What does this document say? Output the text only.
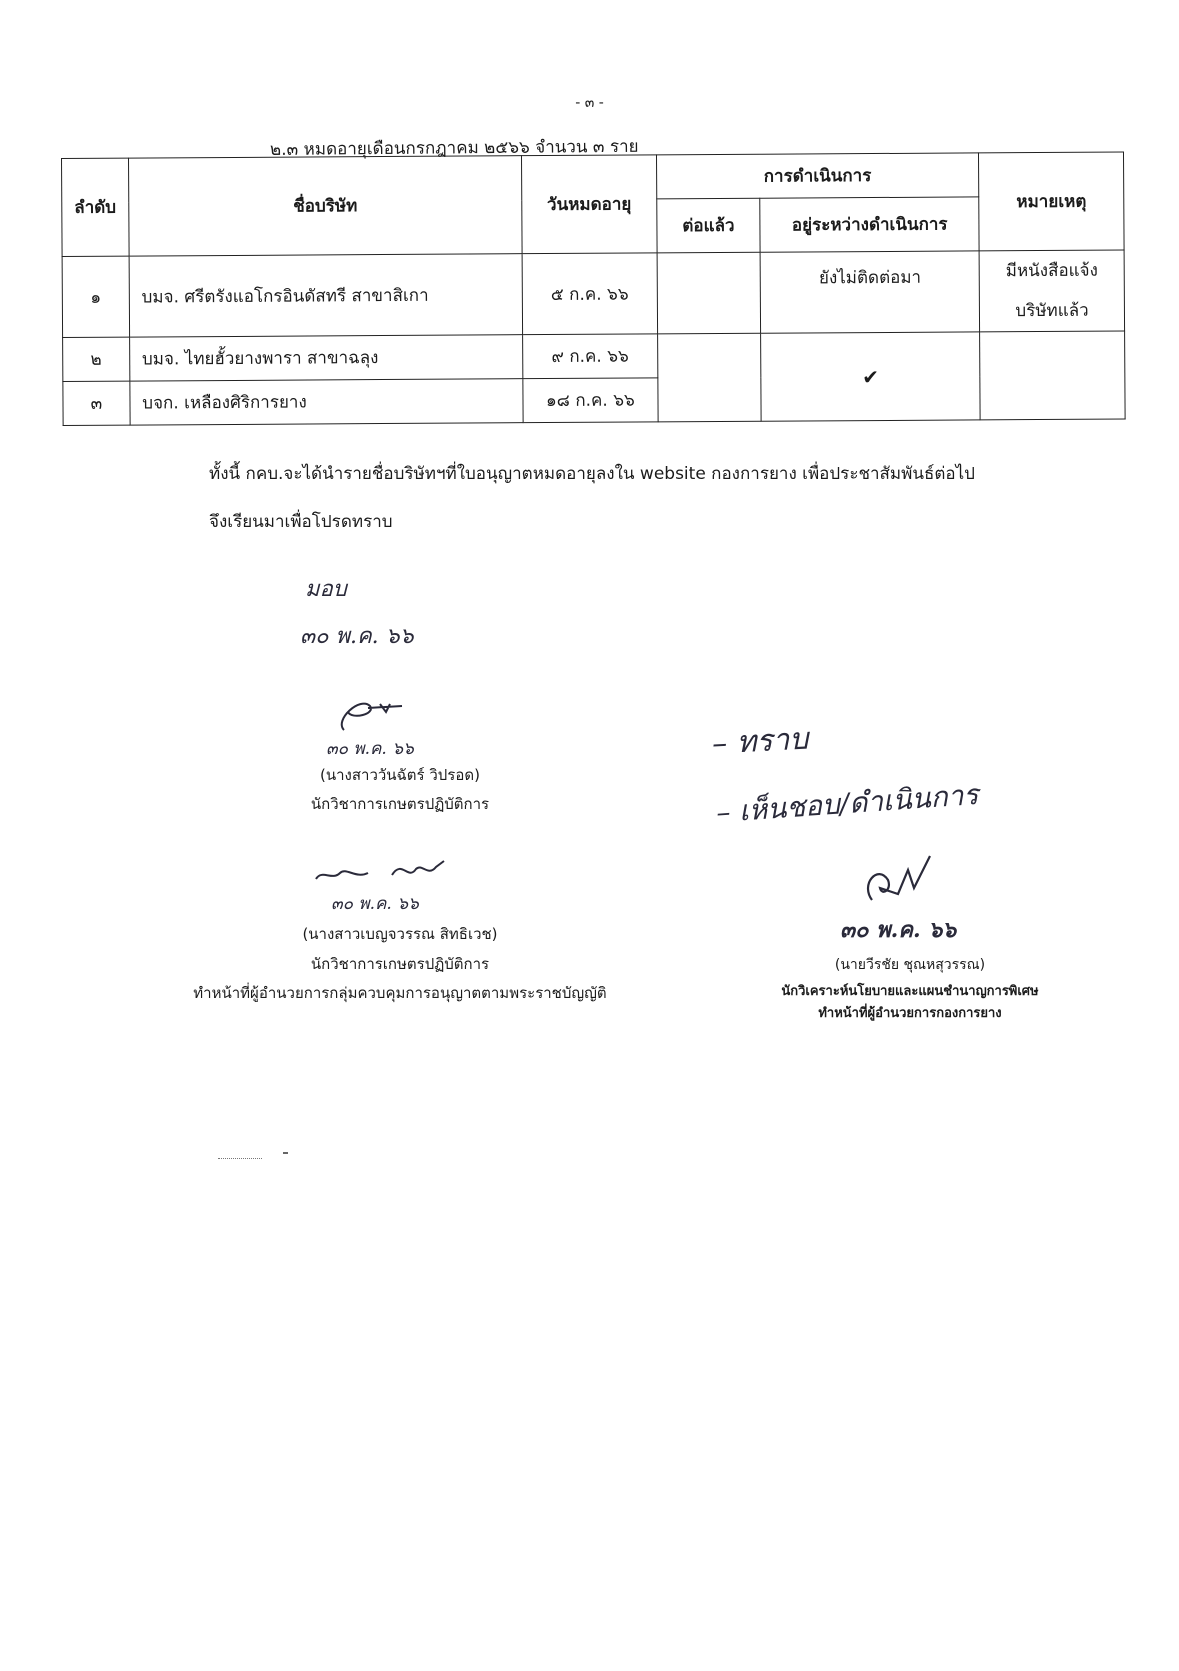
- ๓ -
๒.๓ หมดอายุเดือนกรกฎาคม ๒๕๖๖ จำนวน ๓ ราย
ลำดับ	ชื่อบริษัท	วันหมดอายุ	การดำเนินการ		หมายเหตุ
			ต่อแล้ว	อยู่ระหว่างดำเนินการ	
๑	บมจ. ศรีตรังแอโกรอินดัสทรี สาขาสิเกา	๕ ก.ค. ๖๖		ยังไม่ติดต่อมา	มีหนังสือแจ้ง
บริษัทแล้ว

๒	บมจ. ไทยฮั้วยางพารา สาขาฉลุง	๙ ก.ค. ๖๖		✔	
๓	บจก. เหลืองศิริการยาง	๑๘ ก.ค. ๖๖			
ทั้งนี้ กคบ.จะได้นำรายชื่อบริษัทฯที่ใบอนุญาตหมดอายุลงใน website กองการยาง เพื่อประชาสัมพันธ์ต่อไป
จึงเรียนมาเพื่อโปรดทราบ
มอบ
๓๐ พ.ค. ๖๖
๓๐ พ.ค. ๖๖
(นางสาววันฉัตร์ วิปรอด)
นักวิชาการเกษตรปฏิบัติการ
๓๐ พ.ค. ๖๖
(นางสาวเบญจวรรณ สิทธิเวช)
นักวิชาการเกษตรปฏิบัติการ
ทำหน้าที่ผู้อำนวยการกลุ่มควบคุมการอนุญาตตามพระราชบัญญัติ
– ทราบ
– เห็นชอบ/ดำเนินการ
๓๐ พ.ค. ๖๖
(นายวีรชัย ชุณหสุวรรณ)
นักวิเคราะห์นโยบายและแผนชำนาญการพิเศษ
ทำหน้าที่ผู้อำนวยการกองการยาง
